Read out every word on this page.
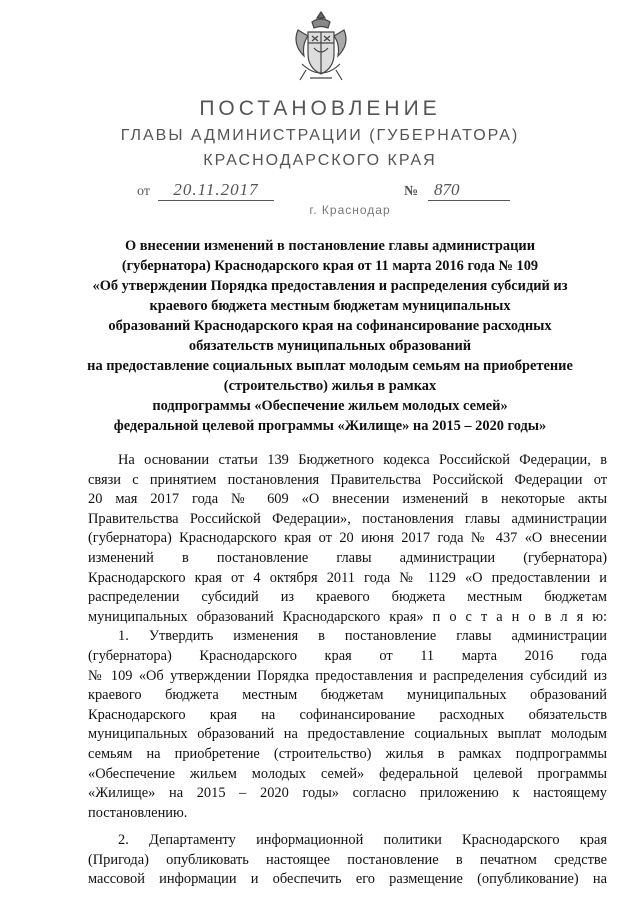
ПОСТАНОВЛЕНИЕ
ГЛАВЫ АДМИНИСТРАЦИИ (ГУБЕРНАТОРА)
КРАСНОДАРСКОГО КРАЯ
от	20.11.2017	№ 870
г. Краснодар
О внесении изменений в постановление главы администрации
(губернатора) Краснодарского края от 11 марта 2016 года № 109
«Об утверждении Порядка предоставления и распределения субсидий из
краевого бюджета местным бюджетам муниципальных
образований Краснодарского края на софинансирование расходных
обязательств муниципальных образований
на предоставление социальных выплат молодым семьям на приобретение
(строительство) жилья в рамках
подпрограммы «Обеспечение жильем молодых семей»
федеральной целевой программы «Жилище» на 2015 – 2020 годы»
На основании статьи 139 Бюджетного кодекса Российской Федерации, в
связи с принятием постановления Правительства Российской Федерации от
20 мая 2017 года № 609 «О внесении изменений в некоторые акты
Правительства Российской Федерации», постановления главы администрации
(губернатора) Краснодарского края от 20 июня 2017 года № 437 «О внесении
изменений в постановление главы администрации (губернатора)
Краснодарского края от 4 октября 2011 года № 1129 «О предоставлении и
распределении субсидий из краевого бюджета местным бюджетам
муниципальных образований Краснодарского края» п о с т а н о в л я ю:
1. Утвердить изменения в постановление главы администрации
(губернатора) Краснодарского края от 11 марта 2016 года
№ 109 «Об утверждении Порядка предоставления и распределения субсидий из
краевого бюджета местным бюджетам муниципальных образований
Краснодарского края на софинансирование расходных обязательств
муниципальных образований на предоставление социальных выплат молодым
семьям на приобретение (строительство) жилья в рамках подпрограммы
«Обеспечение жильем молодых семей» федеральной целевой программы
«Жилище» на 2015 – 2020 годы» согласно приложению к настоящему
постановлению.
2. Департаменту информационной политики Краснодарского края
(Пригода) опубликовать настоящее постановление в печатном средстве
массовой информации и обеспечить его размещение (опубликование) на
